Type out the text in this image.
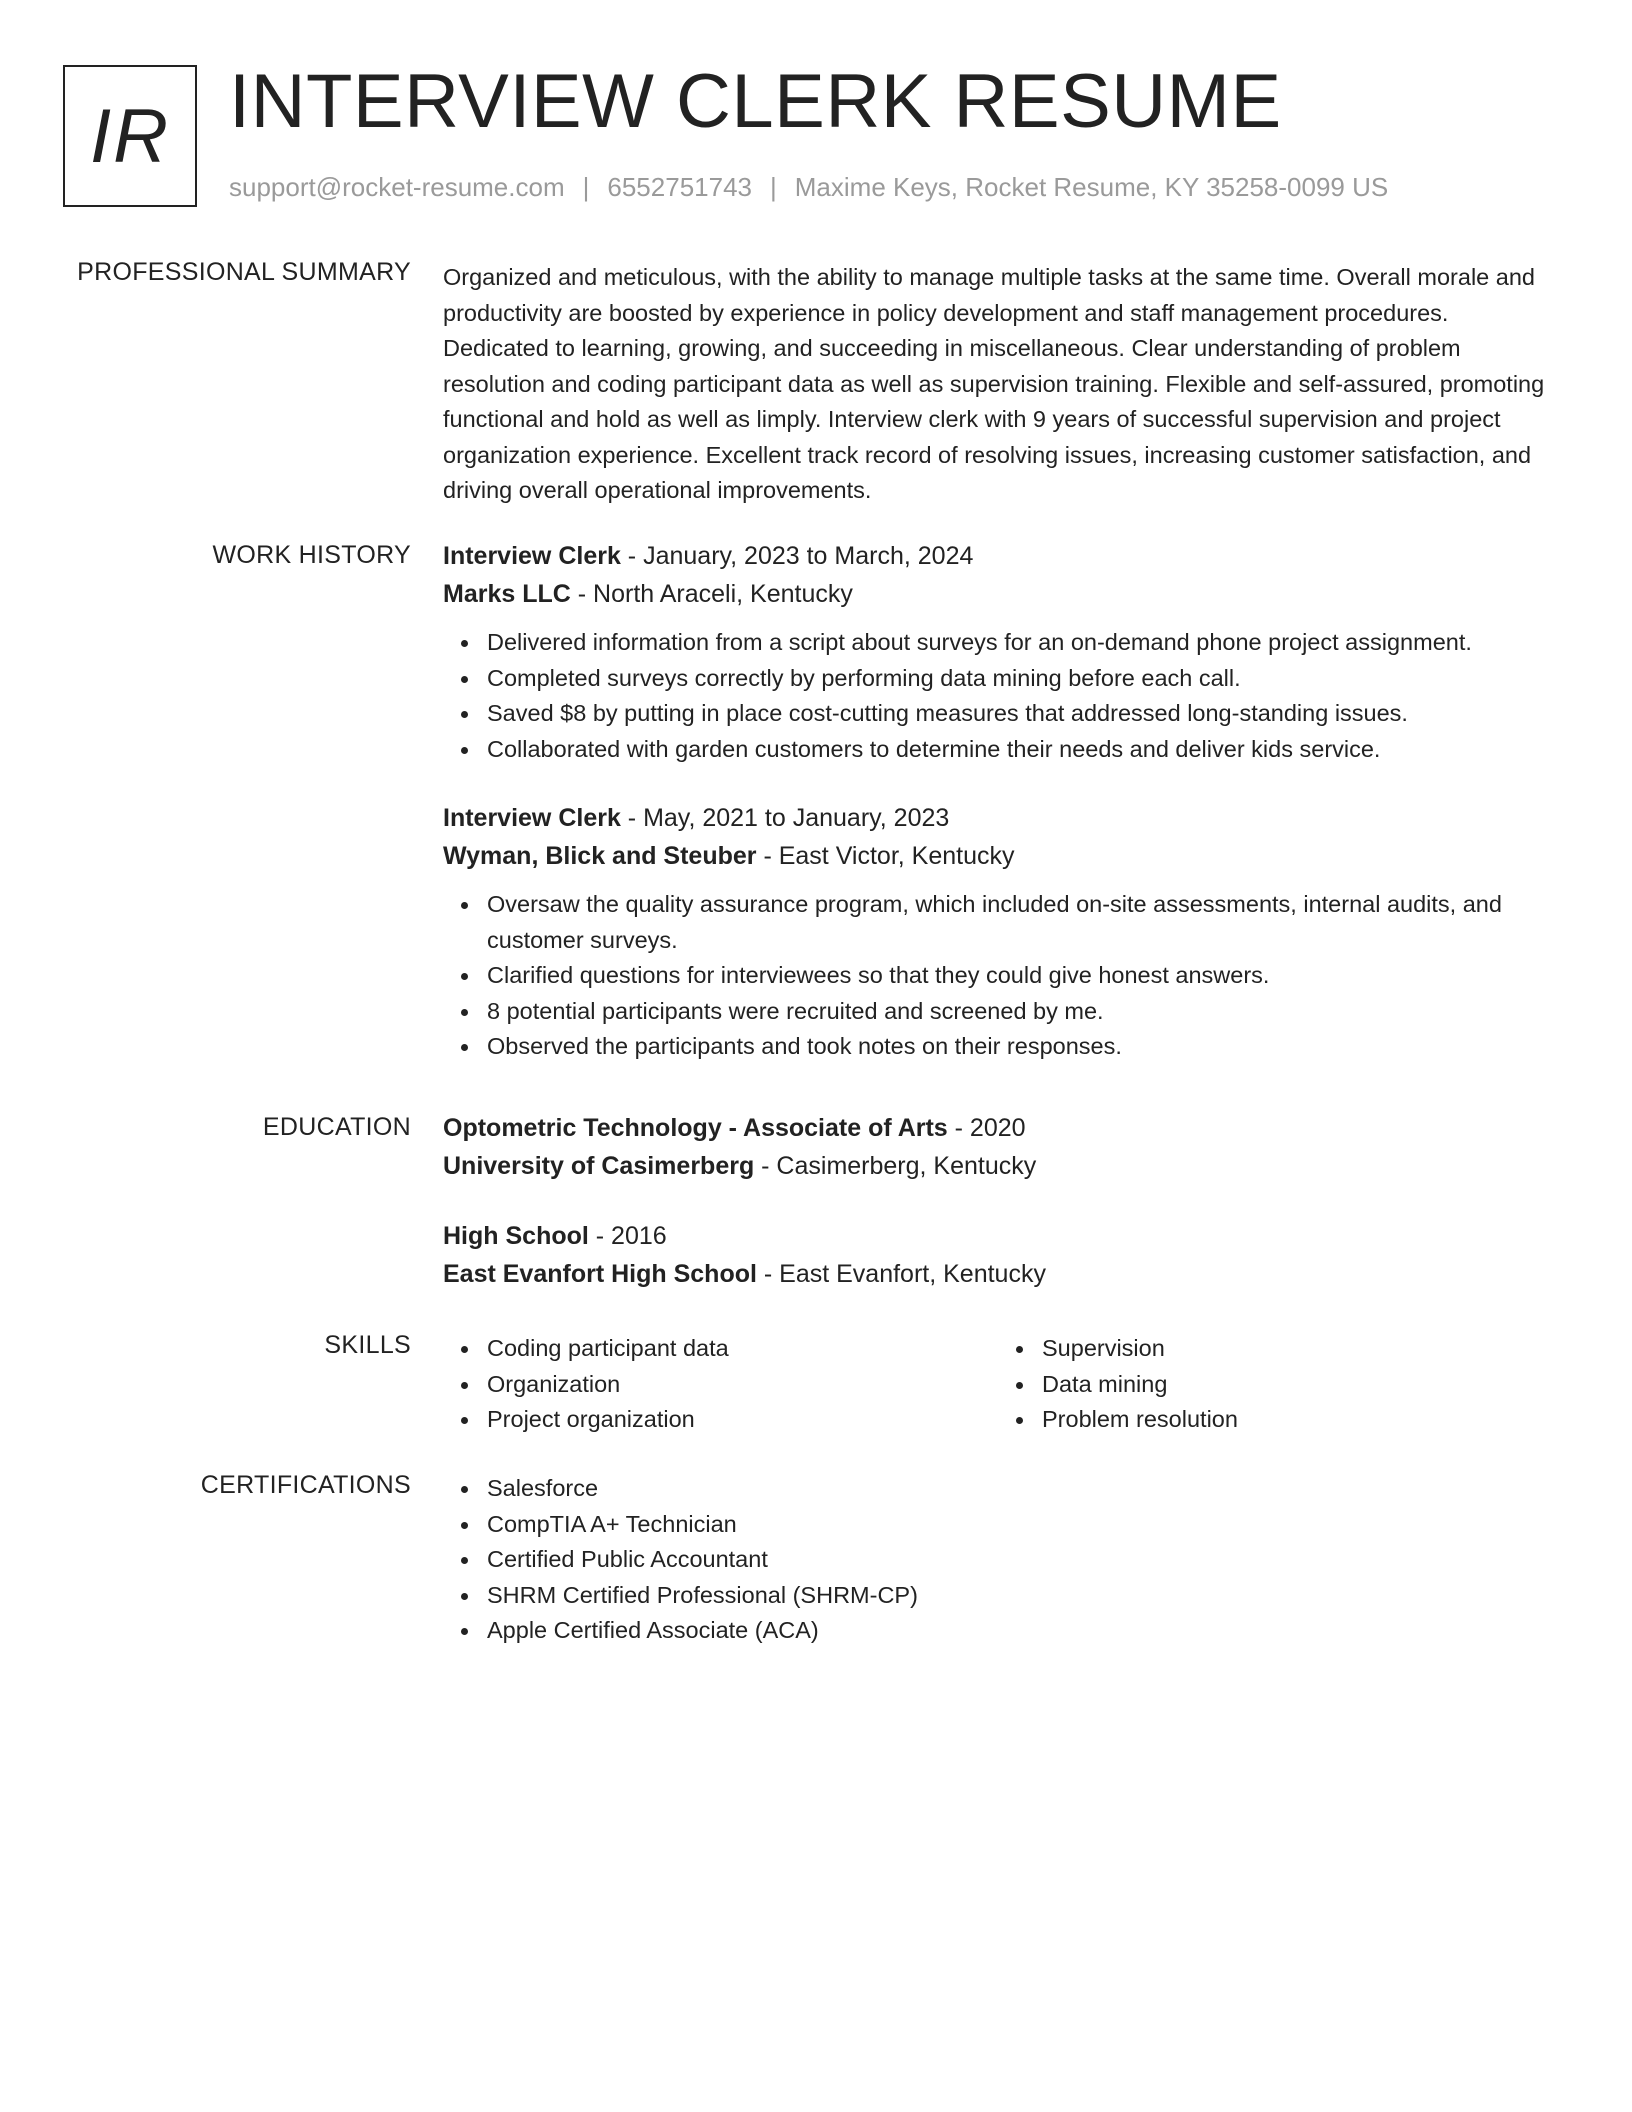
IR INTERVIEW CLERK RESUME
support@rocket-resume.com | 6552751743 | Maxime Keys, Rocket Resume, KY 35258-0099 US
PROFESSIONAL SUMMARY Organized and meticulous, with the ability to manage multiple tasks at the same time. Overall morale and productivity are boosted by experience in policy development and staff management procedures. Dedicated to learning, growing, and succeeding in miscellaneous. Clear understanding of problem resolution and coding participant data as well as supervision training. Flexible and self-assured, promoting functional and hold as well as limply. Interview clerk with 9 years of successful supervision and project organization experience. Excellent track record of resolving issues, increasing customer satisfaction, and driving overall operational improvements.

WORK HISTORY Interview Clerk - January, 2023 to March, 2024
Marks LLC - North Araceli, Kentucky
Delivered information from a script about surveys for an on-demand phone project assignment.
Completed surveys correctly by performing data mining before each call.
Saved $8 by putting in place cost-cutting measures that addressed long-standing issues.
Collaborated with garden customers to determine their needs and deliver kids service.
Interview Clerk - May, 2021 to January, 2023
Wyman, Blick and Steuber - East Victor, Kentucky
Oversaw the quality assurance program, which included on-site assessments, internal audits, and customer surveys.
Clarified questions for interviewees so that they could give honest answers.
8 potential participants were recruited and screened by me.
Observed the participants and took notes on their responses.
EDUCATION Optometric Technology - Associate of Arts - 2020
University of Casimerberg - Casimerberg, Kentucky
High School - 2016
East Evanfort High School - East Evanfort, Kentucky
SKILLS	Coding participant data
Organization
Project organization
Supervision
Data mining
Problem resolution
CERTIFICATIONS	Salesforce
CompTIA A+ Technician
Certified Public Accountant
SHRM Certified Professional (SHRM-CP)
Apple Certified Associate (ACA)
